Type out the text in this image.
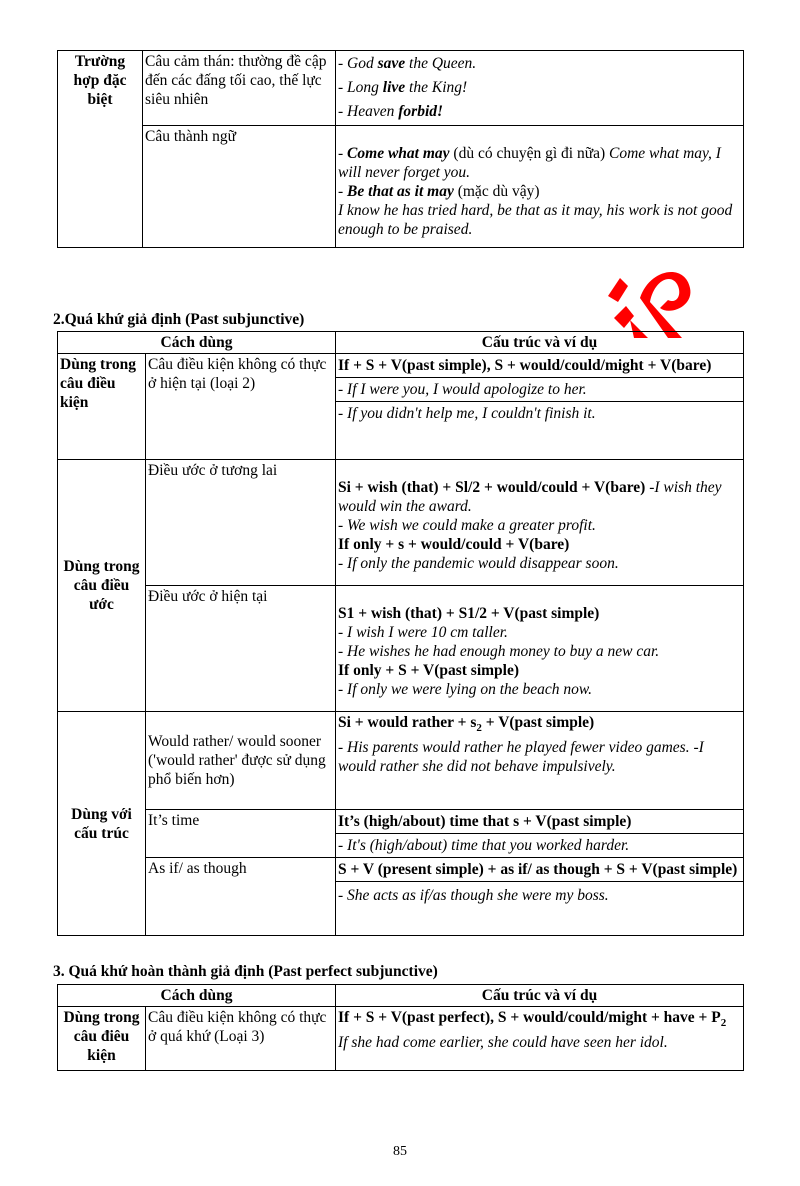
Trường hợp đặc biệt	Câu cảm thán: thường đề cập đến các đấng tối cao, thế lực siêu nhiên	- God save the Queen.
- Long live the King!
- Heaven forbid!

	Câu thành ngữ	- Come what may (dù có chuyện gì đi nữa) Come what may, I will never forget you.
- Be that as it may (mặc dù vậy)
I know he has tried hard, be that as it may, his work is not good enough to be praised.
2.Quá khứ giả định (Past subjunctive)
Cách dùng		Cấu trúc và ví dụ
Dùng trong câu điều kiện	Câu điều kiện không có thực ở hiện tại (loại 2)	If + S + V(past simple), S + would/could/might + V(bare)
- If I were you, I would apologize to her.
- If you didn't help me, I couldn't finish it.

Dùng trong câu điều ước	Điều ước ở tương lai	Si + wish (that) + Sl/2 + would/could + V(bare) -I wish they would win the award.
- We wish we could make a greater profit.
If only + s + would/could + V(bare)
- If only the pandemic would disappear soon.

	Điều ước ở hiện tại	S1 + wish (that) + S1/2 + V(past simple)
- I wish I were 10 cm taller.
- He wishes he had enough money to buy a new car.
If only + S + V(past simple)
- If only we were lying on the beach now.

Dùng với cấu trúc	Would rather/ would sooner ('would rather' được sử dụng phổ biến hơn)	Si + would rather + $s_2$ + V(past simple)
- His parents would rather he played fewer video games. -I would rather she did not behave impulsively.
	It’s time	It’s (high/about) time that s + V(past simple)
- It's (high/about) time that you worked harder.

	As if/ as though	S + V (present simple) + as if/ as though + S + V(past simple)
- She acts as if/as though she were my boss.
3. Quá khứ hoàn thành giả định (Past perfect subjunctive)
Cách dùng		Cấu trúc và ví dụ
Dùng trong câu điêu kiện	Câu điều kiện không có thực ở quá khứ (Loại 3)	If + S + V(past perfect), S + would/could/might + have + $P_2$
If she had come earlier, she could have seen her idol.
85
